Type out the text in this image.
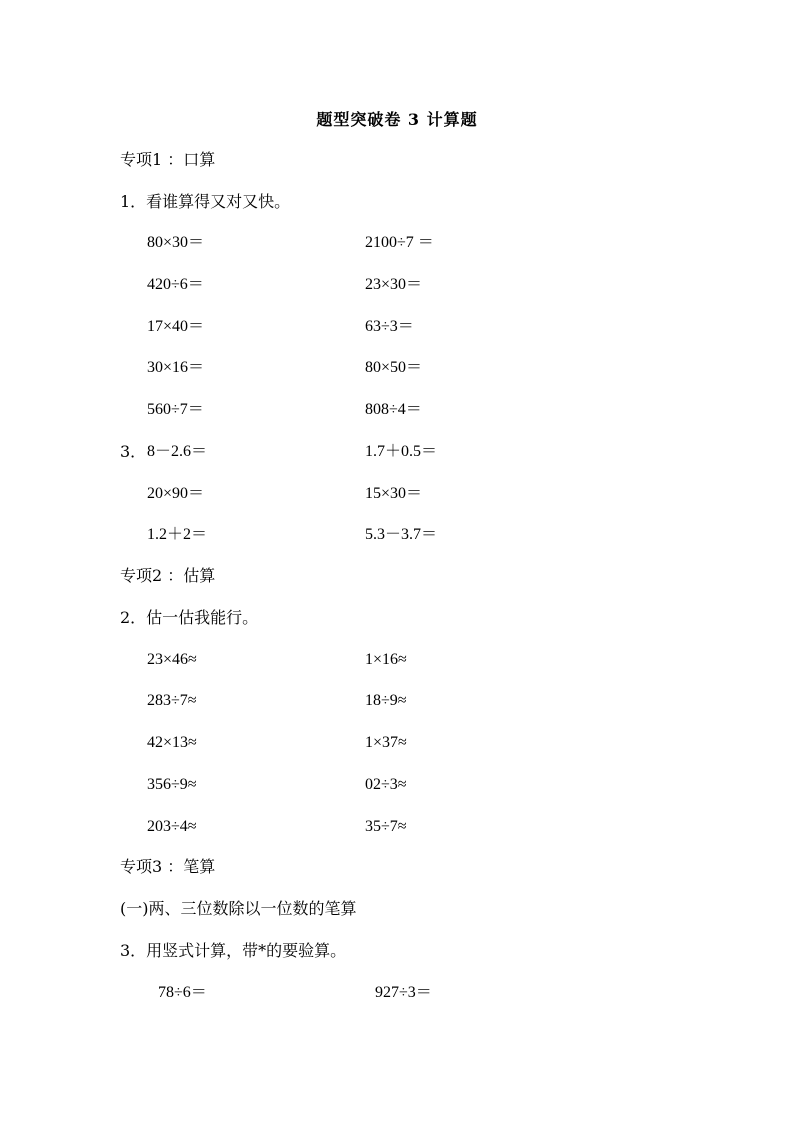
题型突破卷 3 计算题
专项1 ：口算
1．看谁算得又对又快。
80×30＝	2100÷7 ＝
420÷6＝	23×30＝
17×40＝	63÷3＝
30×16＝	80×50＝
560÷7＝	808÷4＝
3． 8－2.6＝	1.7＋0.5＝
20×90＝	15×30＝
1.2＋2＝	5.3－3.7＝
专项2 ：估算
2．估一估我能行。
23×46≈	1×16≈
283÷7≈	18÷9≈
42×13≈	1×37≈
356÷9≈	02÷3≈
203÷4≈	35÷7≈
专项3 ：笔算
(一)两、三位数除以一位数的笔算
3．用竖式计算，带*的要验算。
78÷6＝	927÷3＝
